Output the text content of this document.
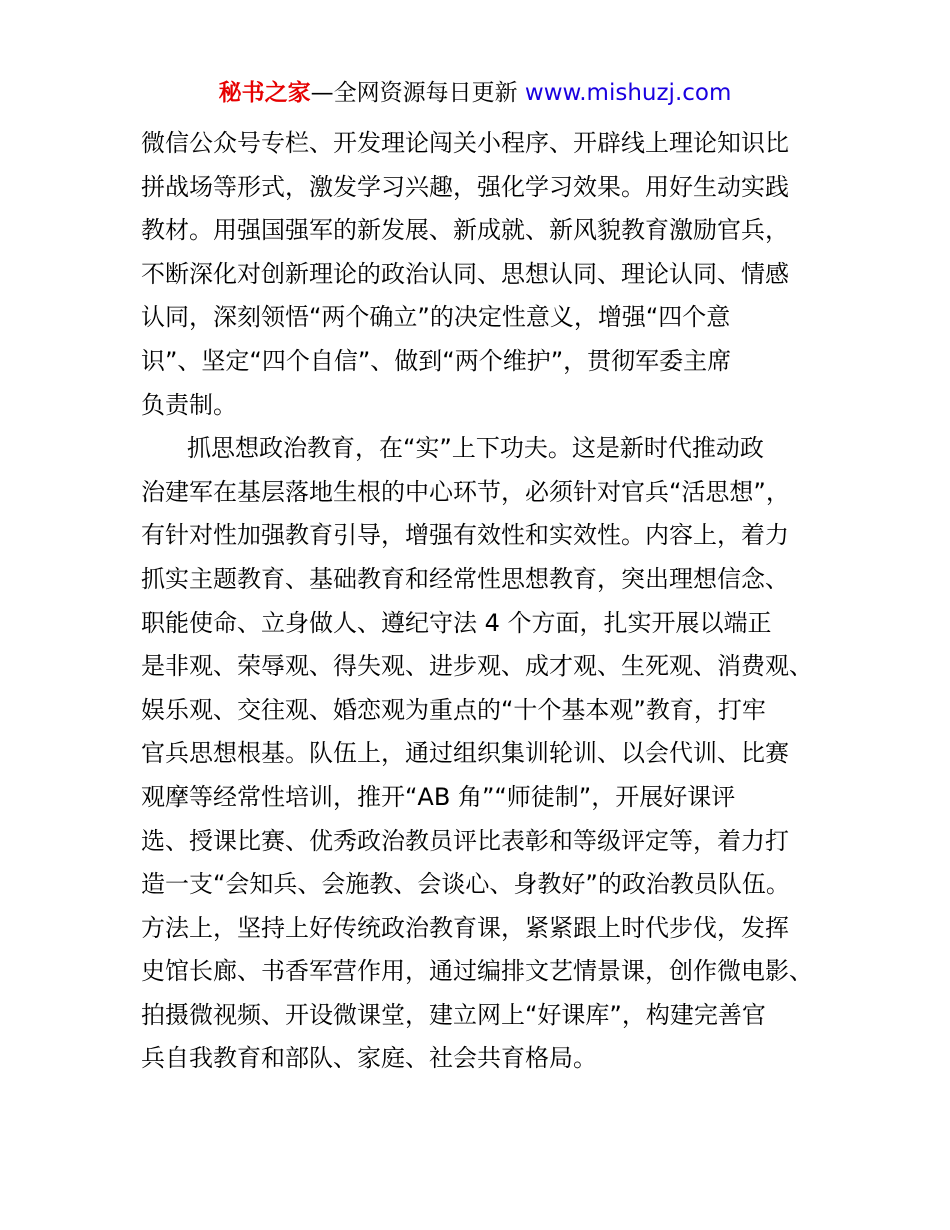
秘书之家—全网资源每日更新 www.mishuzj.com

微信公众号专栏、开发理论闯关小程序、开辟线上理论知识比
拼战场等形式，激发学习兴趣，强化学习效果。用好生动实践
教材。用强国强军的新发展、新成就、新风貌教育激励官兵，
不断深化对创新理论的政治认同、思想认同、理论认同、情感
认同，深刻领悟“两个确立”的决定性意义，增强“四个意
识”、坚定“四个自信”、做到“两个维护”，贯彻军委主席
负责制。

抓思想政治教育，在“实”上下功夫。这是新时代推动政
治建军在基层落地生根的中心环节，必须针对官兵“活思想”，
有针对性加强教育引导，增强有效性和实效性。内容上，着力
抓实主题教育、基础教育和经常性思想教育，突出理想信念、
职能使命、立身做人、遵纪守法 4 个方面，扎实开展以端正
是非观、荣辱观、得失观、进步观、成才观、生死观、消费观、
娱乐观、交往观、婚恋观为重点的“十个基本观”教育，打牢
官兵思想根基。队伍上，通过组织集训轮训、以会代训、比赛
观摩等经常性培训，推开“AB 角”“师徒制”，开展好课评
选、授课比赛、优秀政治教员评比表彰和等级评定等，着力打
造一支“会知兵、会施教、会谈心、身教好”的政治教员队伍。
方法上，坚持上好传统政治教育课，紧紧跟上时代步伐，发挥
史馆长廊、书香军营作用，通过编排文艺情景课，创作微电影、
拍摄微视频、开设微课堂，建立网上“好课库”，构建完善官
兵自我教育和部队、家庭、社会共育格局。
